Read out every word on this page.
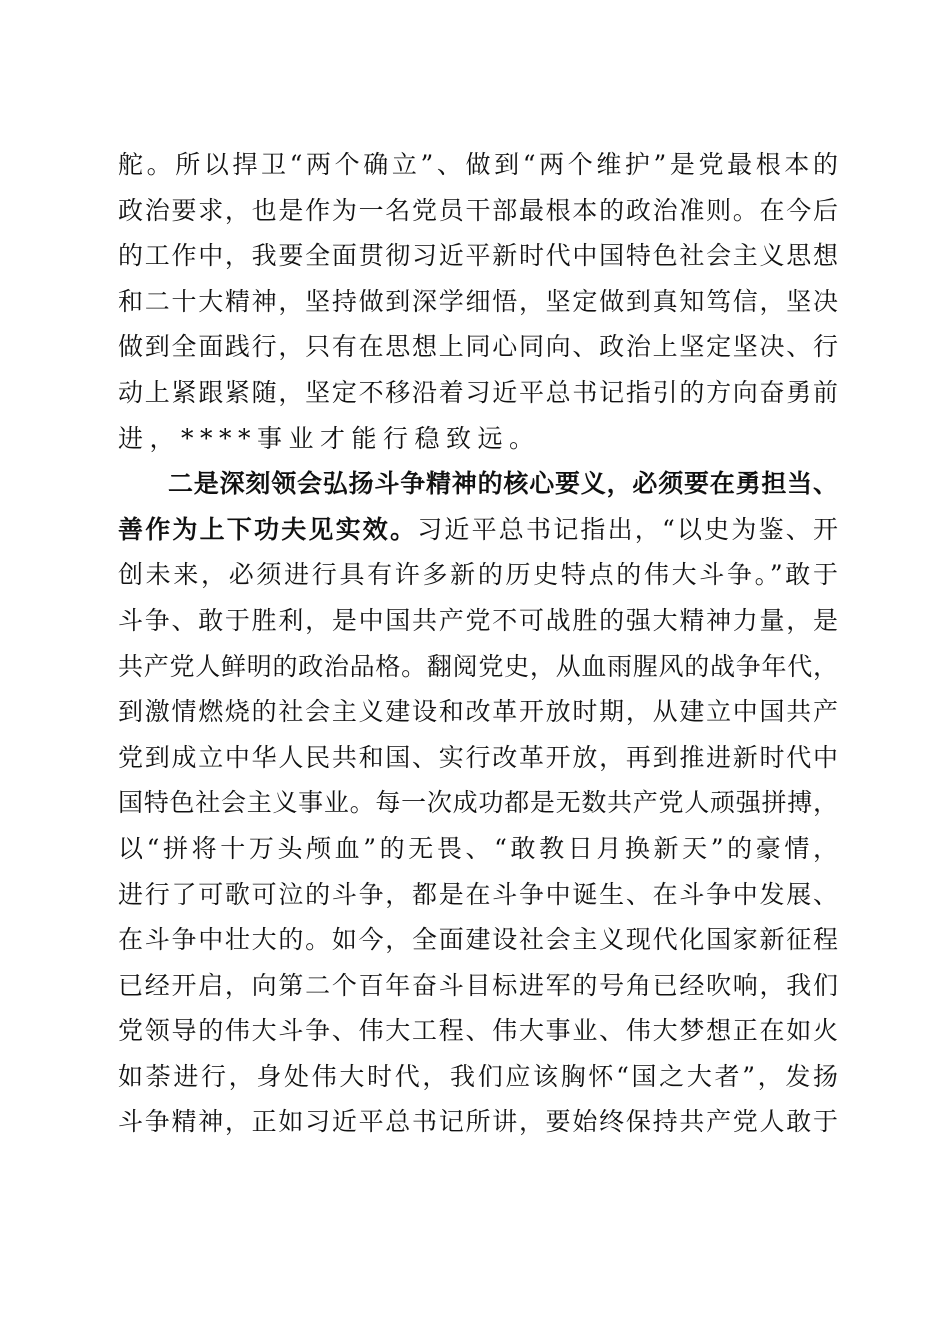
舵。所以捍卫“两个确立”、做到“两个维护”是党最根本的
政治要求，也是作为一名党员干部最根本的政治准则。在今后
的工作中，我要全面贯彻习近平新时代中国特色社会主义思想
和二十大精神，坚持做到深学细悟，坚定做到真知笃信，坚决
做到全面践行，只有在思想上同心同向、政治上坚定坚决、行
动上紧跟紧随，坚定不移沿着习近平总书记指引的方向奋勇前
进，****事业才能行稳致远。
二是深刻领会弘扬斗争精神的核心要义，必须要在勇担当、
善作为上下功夫见实效。习近平总书记指出，“以史为鉴、开
创未来，必须进行具有许多新的历史特点的伟大斗争。”敢于
斗争、敢于胜利，是中国共产党不可战胜的强大精神力量，是
共产党人鲜明的政治品格。翻阅党史，从血雨腥风的战争年代，
到激情燃烧的社会主义建设和改革开放时期，从建立中国共产
党到成立中华人民共和国、实行改革开放，再到推进新时代中
国特色社会主义事业。每一次成功都是无数共产党人顽强拼搏，
以“拼将十万头颅血”的无畏、“敢教日月换新天”的豪情，
进行了可歌可泣的斗争，都是在斗争中诞生、在斗争中发展、
在斗争中壮大的。如今，全面建设社会主义现代化国家新征程
已经开启，向第二个百年奋斗目标进军的号角已经吹响，我们
党领导的伟大斗争、伟大工程、伟大事业、伟大梦想正在如火
如荼进行，身处伟大时代，我们应该胸怀“国之大者”，发扬
斗争精神，正如习近平总书记所讲，要始终保持共产党人敢于
